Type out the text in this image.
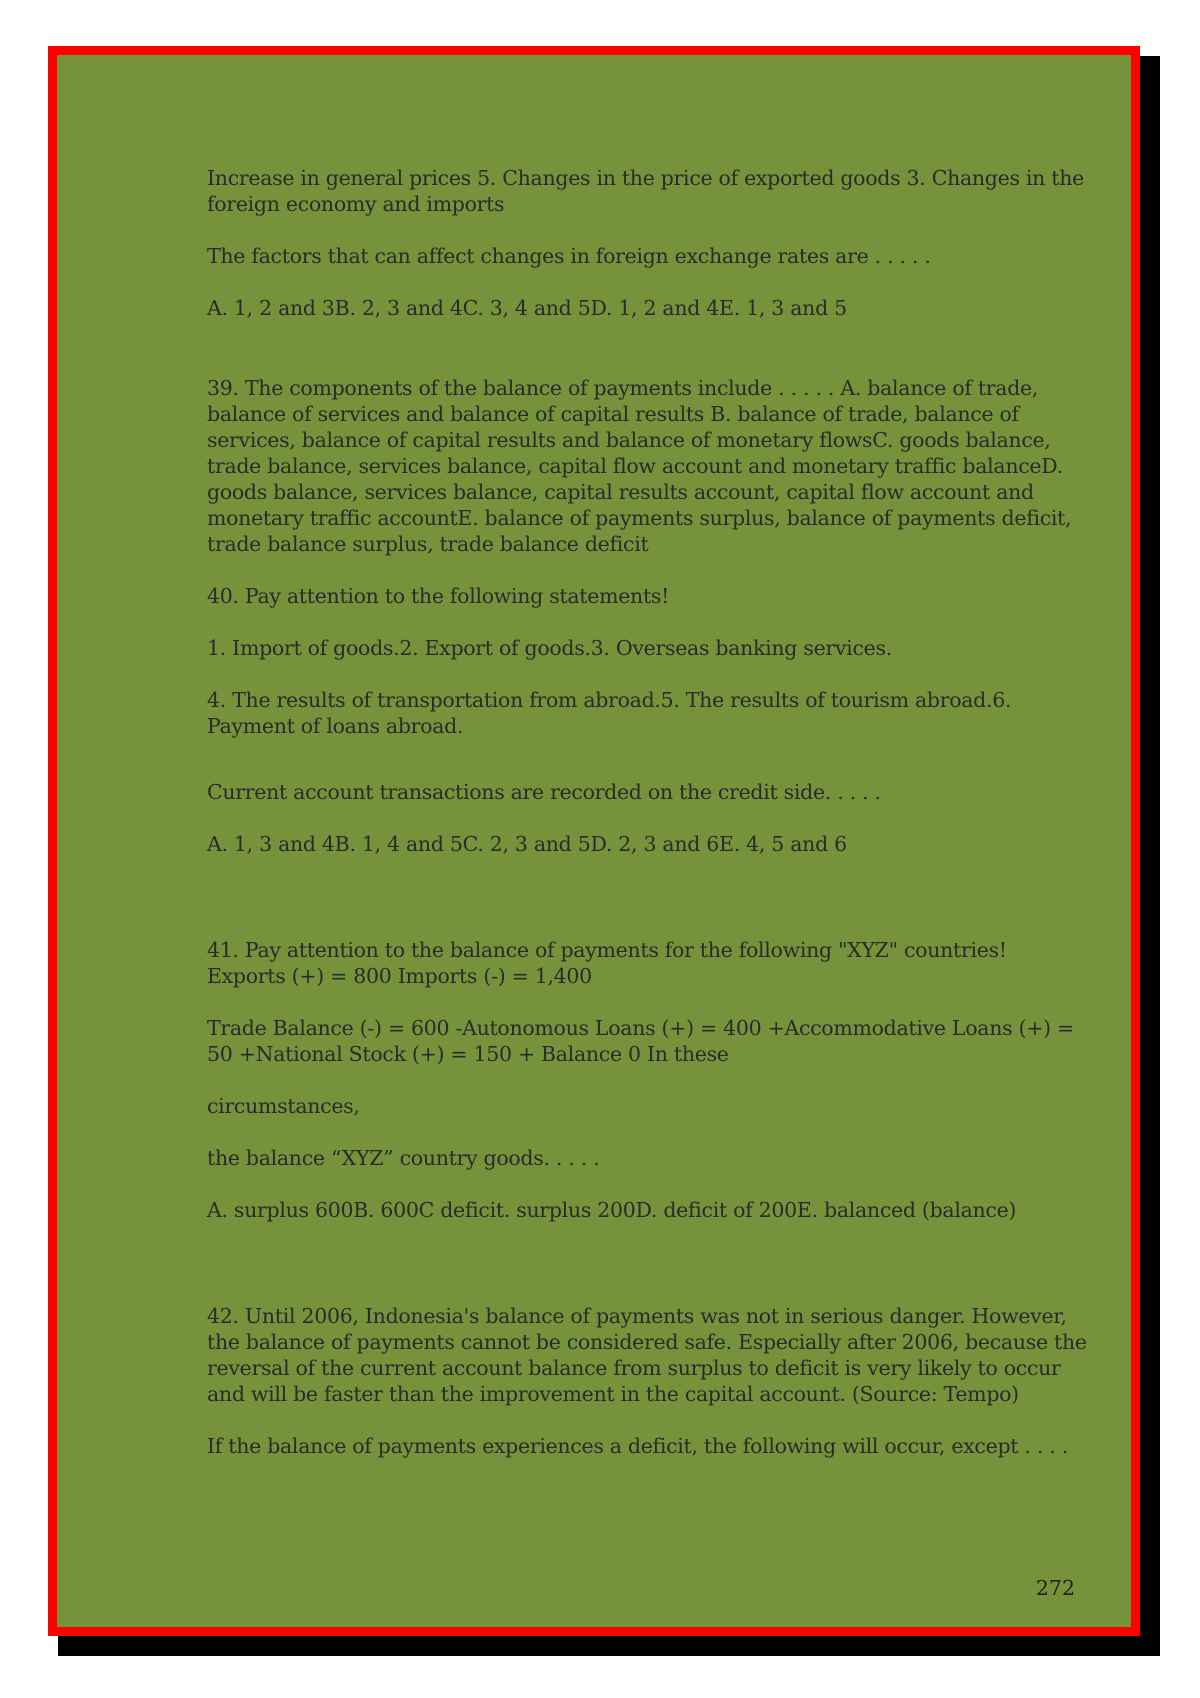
Increase in general prices 5. Changes in the price of exported goods 3. Changes in the foreign economy and imports

The factors that can affect changes in foreign exchange rates are . . . . .

A. 1, 2 and 3B. 2, 3 and 4C. 3, 4 and 5D. 1, 2 and 4E. 1, 3 and 5

39. The components of the balance of payments include . . . . . A. balance of trade, balance of services and balance of capital results B. balance of trade, balance of services, balance of capital results and balance of monetary flowsC. goods balance, trade balance, services balance, capital flow account and monetary traffic balanceD. goods balance, services balance, capital results account, capital flow account and monetary traffic accountE. balance of payments surplus, balance of payments deficit, trade balance surplus, trade balance deficit

40. Pay attention to the following statements!

1. Import of goods.2. Export of goods.3. Overseas banking services.

4. The results of transportation from abroad.5. The results of tourism abroad.6. Payment of loans abroad.

Current account transactions are recorded on the credit side. . . . .

A. 1, 3 and 4B. 1, 4 and 5C. 2, 3 and 5D. 2, 3 and 6E. 4, 5 and 6

41. Pay attention to the balance of payments for the following "XYZ" countries! Exports (+) = 800 Imports (-) = 1,400

Trade Balance (-) = 600 -Autonomous Loans (+) = 400 +Accommodative Loans (+) = 50 +National Stock (+) = 150 + Balance 0 In these

circumstances,

the balance “XYZ” country goods. . . . .

A. surplus 600B. 600C deficit. surplus 200D. deficit of 200E. balanced (balance)

42. Until 2006, Indonesia's balance of payments was not in serious danger. However, the balance of payments cannot be considered safe. Especially after 2006, because the reversal of the current account balance from surplus to deficit is very likely to occur and will be faster than the improvement in the capital account. (Source: Tempo)

If the balance of payments experiences a deficit, the following will occur, except . . . .

272
